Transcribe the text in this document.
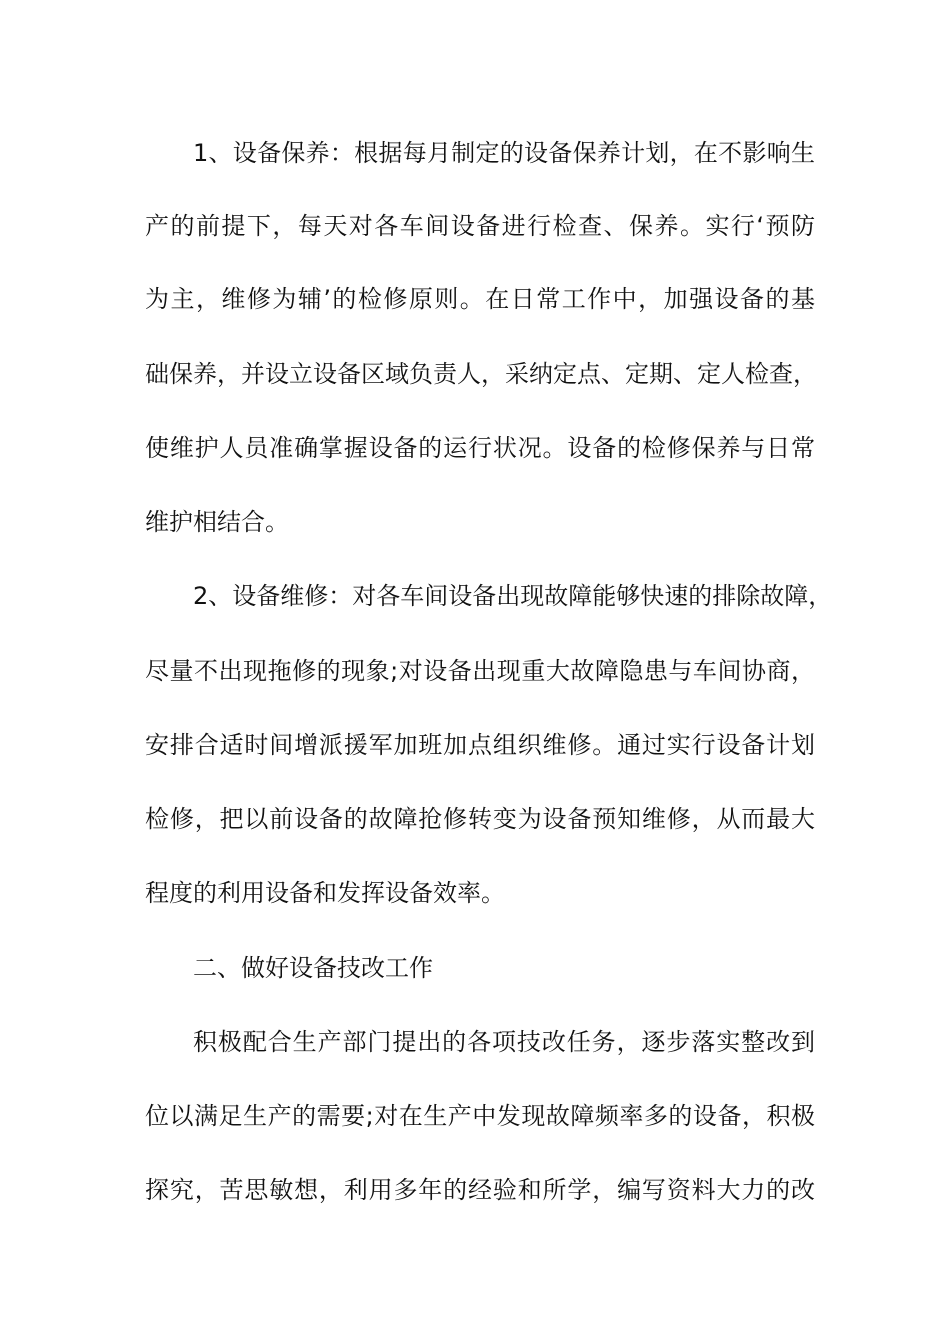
1、设备保养：根据每月制定的设备保养计划，在不影响生
产的前提下，每天对各车间设备进行检查、保养。实行‘预防
为主，维修为辅’的检修原则。在日常工作中，加强设备的基
础保养，并设立设备区域负责人，采纳定点、定期、定人检查，
使维护人员准确掌握设备的运行状况。设备的检修保养与日常
维护相结合。
2、设备维修：对各车间设备出现故障能够快速的排除故障，
尽量不出现拖修的现象;对设备出现重大故障隐患与车间协商，
安排合适时间增派援军加班加点组织维修。通过实行设备计划
检修，把以前设备的故障抢修转变为设备预知维修，从而最大
程度的利用设备和发挥设备效率。
二、做好设备技改工作
积极配合生产部门提出的各项技改任务，逐步落实整改到
位以满足生产的需要;对在生产中发现故障频率多的设备，积极
探究，苦思敏想，利用多年的经验和所学，编写资料大力的改
